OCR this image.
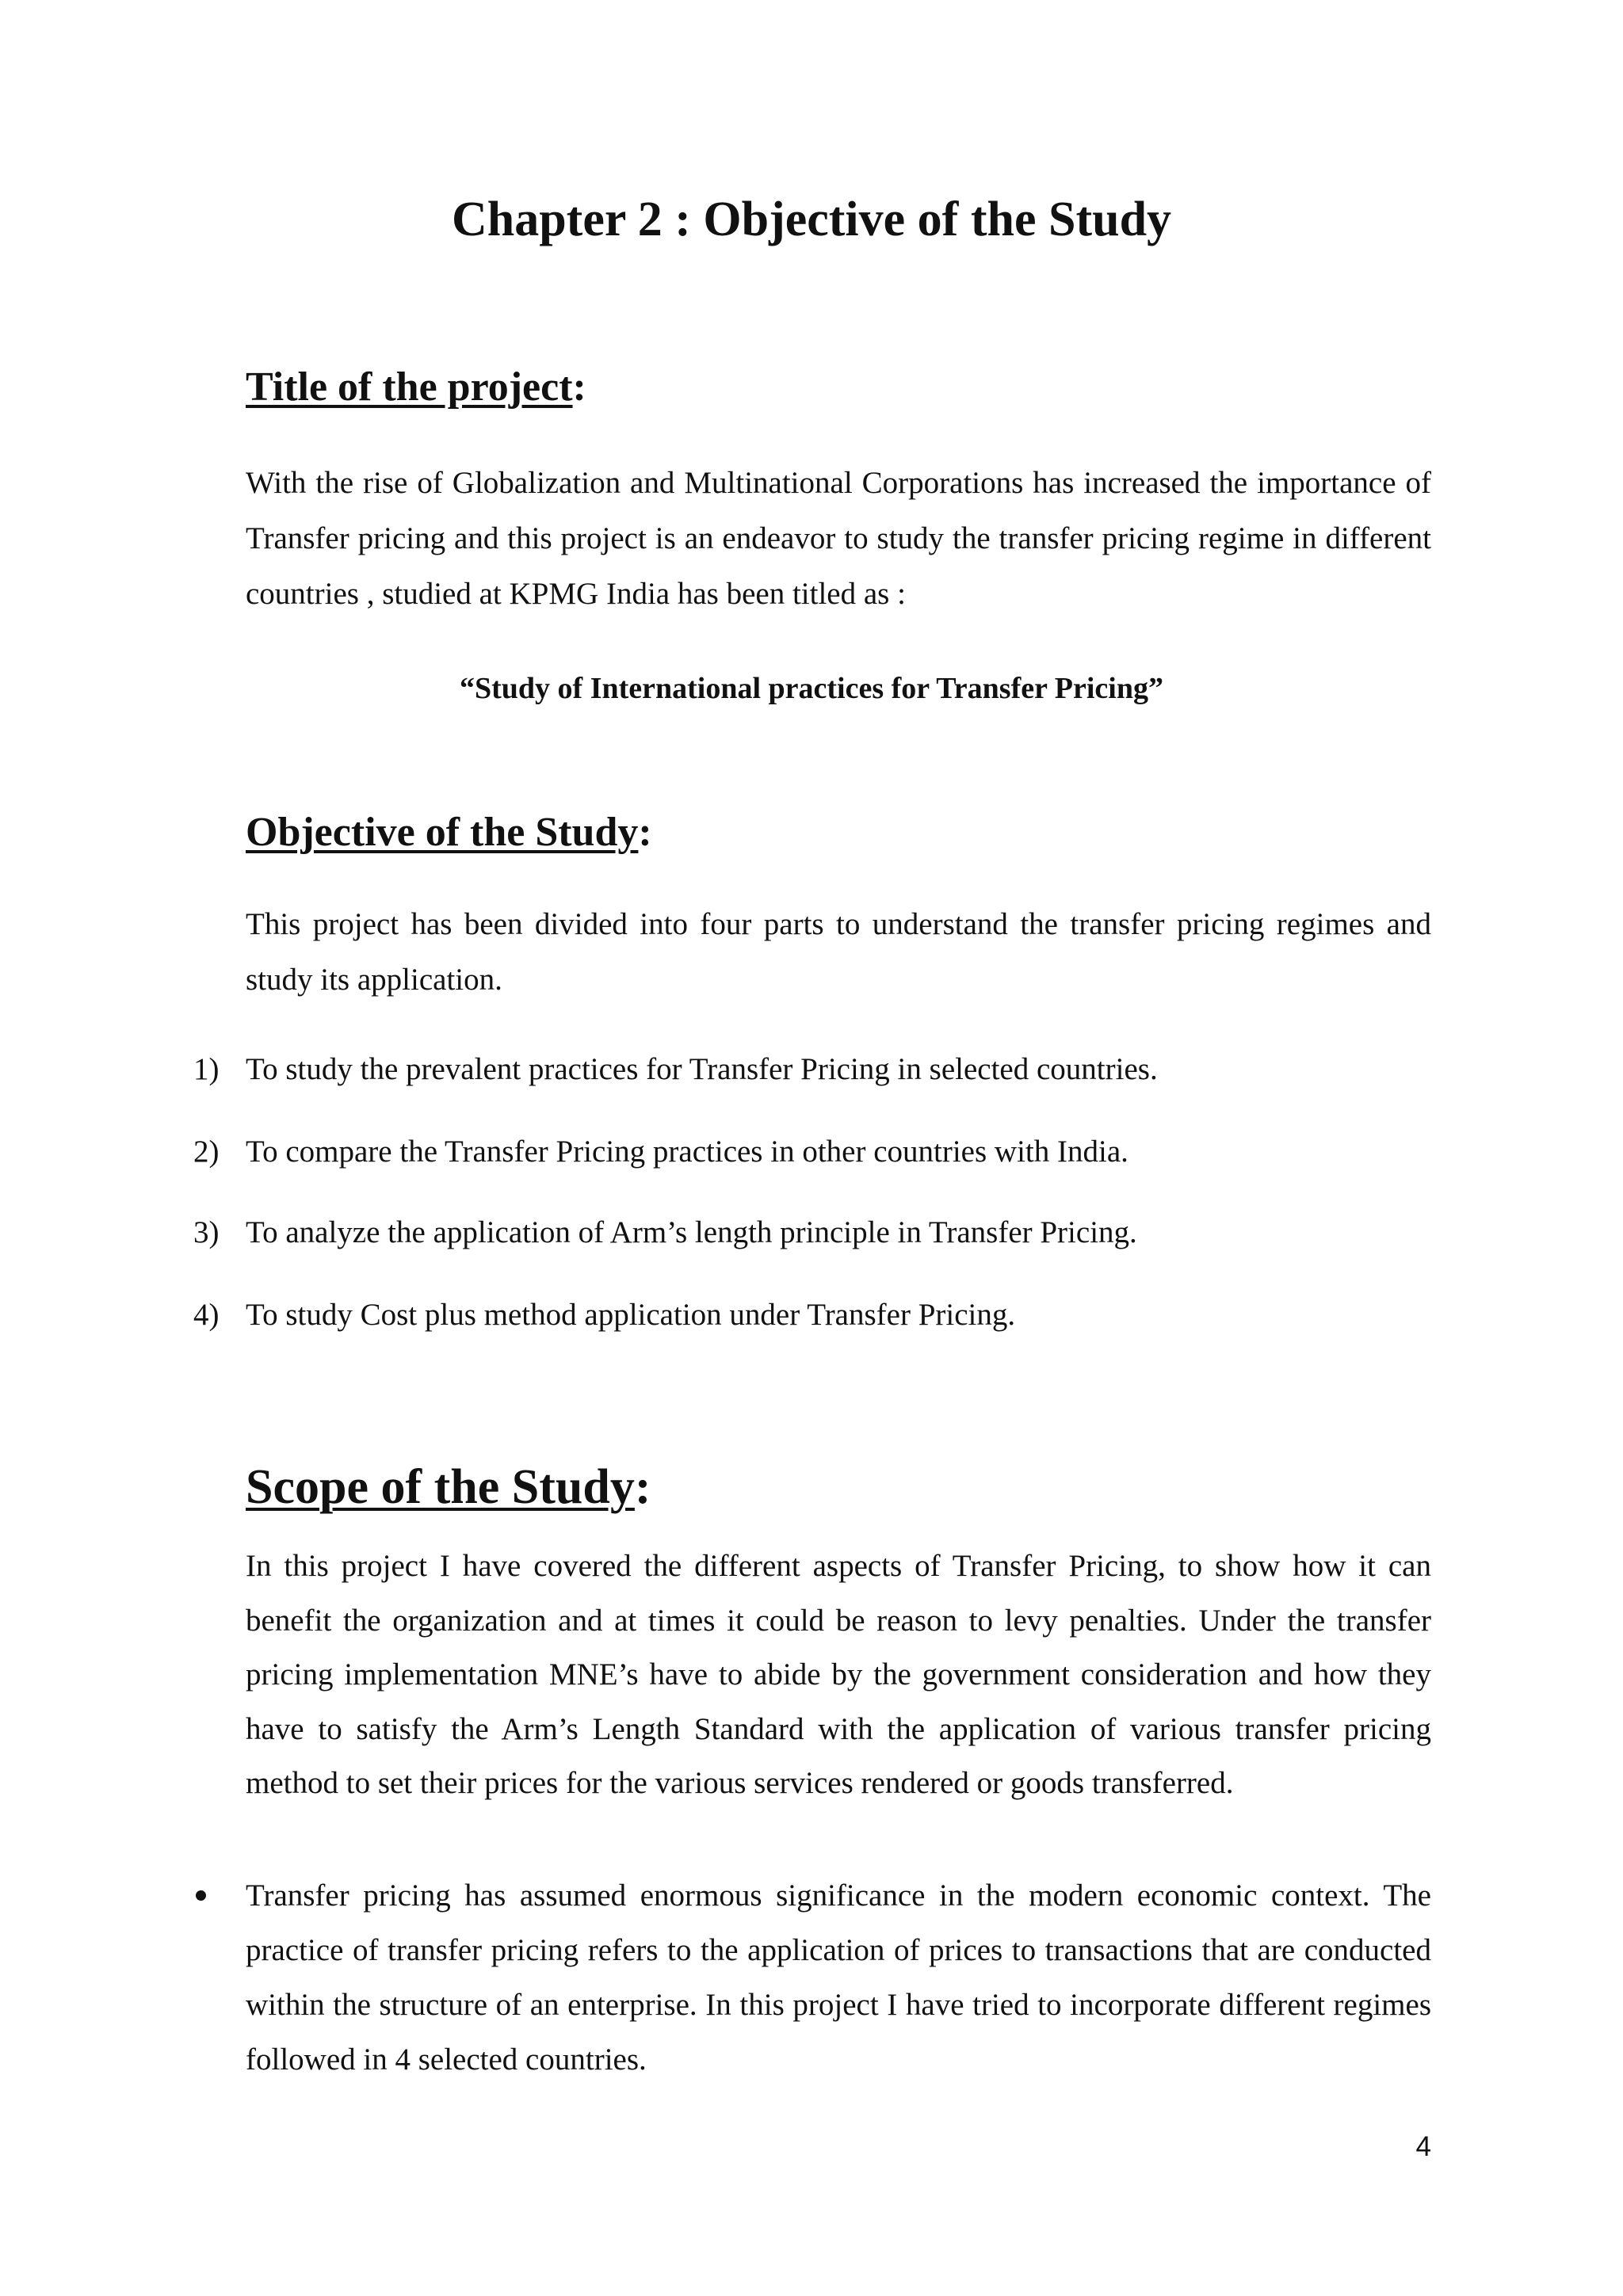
Chapter 2 : Objective of the Study
Title of the project:

With the rise of Globalization and Multinational Corporations has increased the importance of Transfer pricing and this project is an endeavor to study the transfer pricing regime in different countries , studied at KPMG India has been titled as :

“Study of International practices for Transfer Pricing”

Objective of the Study:

This project has been divided into four parts to understand the transfer pricing regimes and study its application.

1) To study the prevalent practices for Transfer Pricing in selected countries.
2) To compare the Transfer Pricing practices in other countries with India.
3) To analyze the application of Arm’s length principle in Transfer Pricing.
4) To study Cost plus method application under Transfer Pricing.
Scope of the Study:

In this project I have covered the different aspects of Transfer Pricing, to show how it can benefit the organization and at times it could be reason to levy penalties. Under the transfer pricing implementation MNE’s have to abide by the government consideration and how they have to satisfy the Arm’s Length Standard with the application of various transfer pricing method to set their prices for the various services rendered or goods transferred.

Transfer pricing has assumed enormous significance in the modern economic context. The practice of transfer pricing refers to the application of prices to transactions that are conducted within the structure of an enterprise. In this project I have tried to incorporate different regimes followed in 4 selected countries.

4
